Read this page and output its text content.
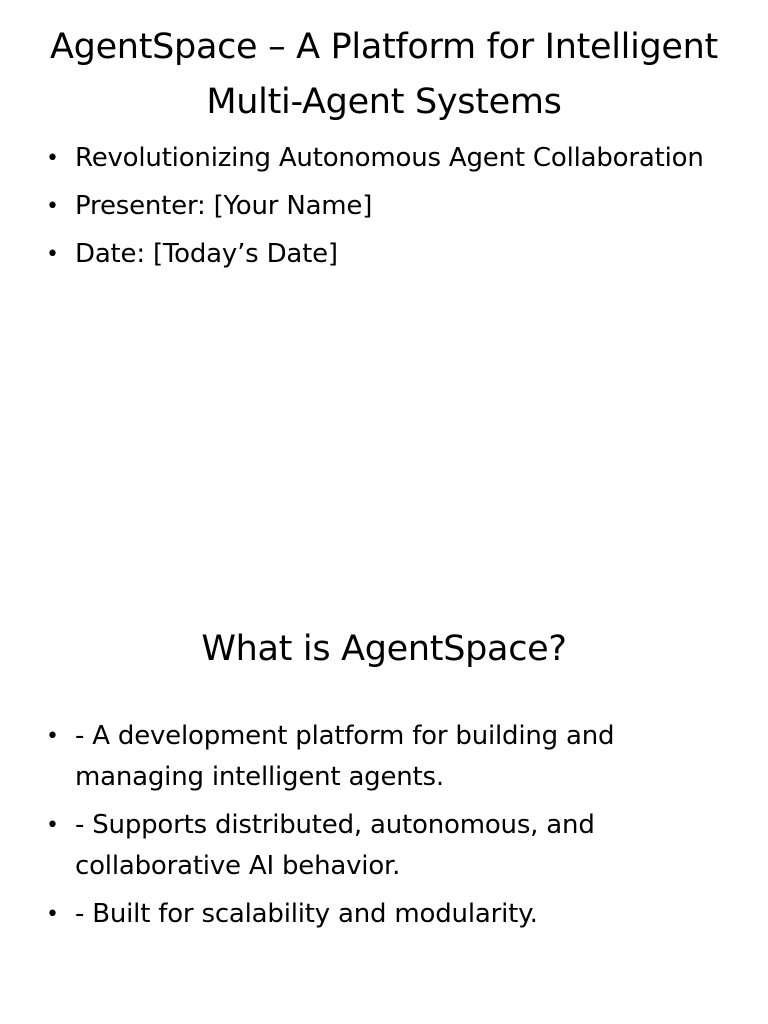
AgentSpace – A Platform for Intelligent Multi-Agent Systems
• Revolutionizing Autonomous Agent Collaboration
• Presenter: [Your Name]
• Date: [Today’s Date]
What is AgentSpace?
• - A development platform for building and managing intelligent agents.
• - Supports distributed, autonomous, and collaborative AI behavior.
• - Built for scalability and modularity.
